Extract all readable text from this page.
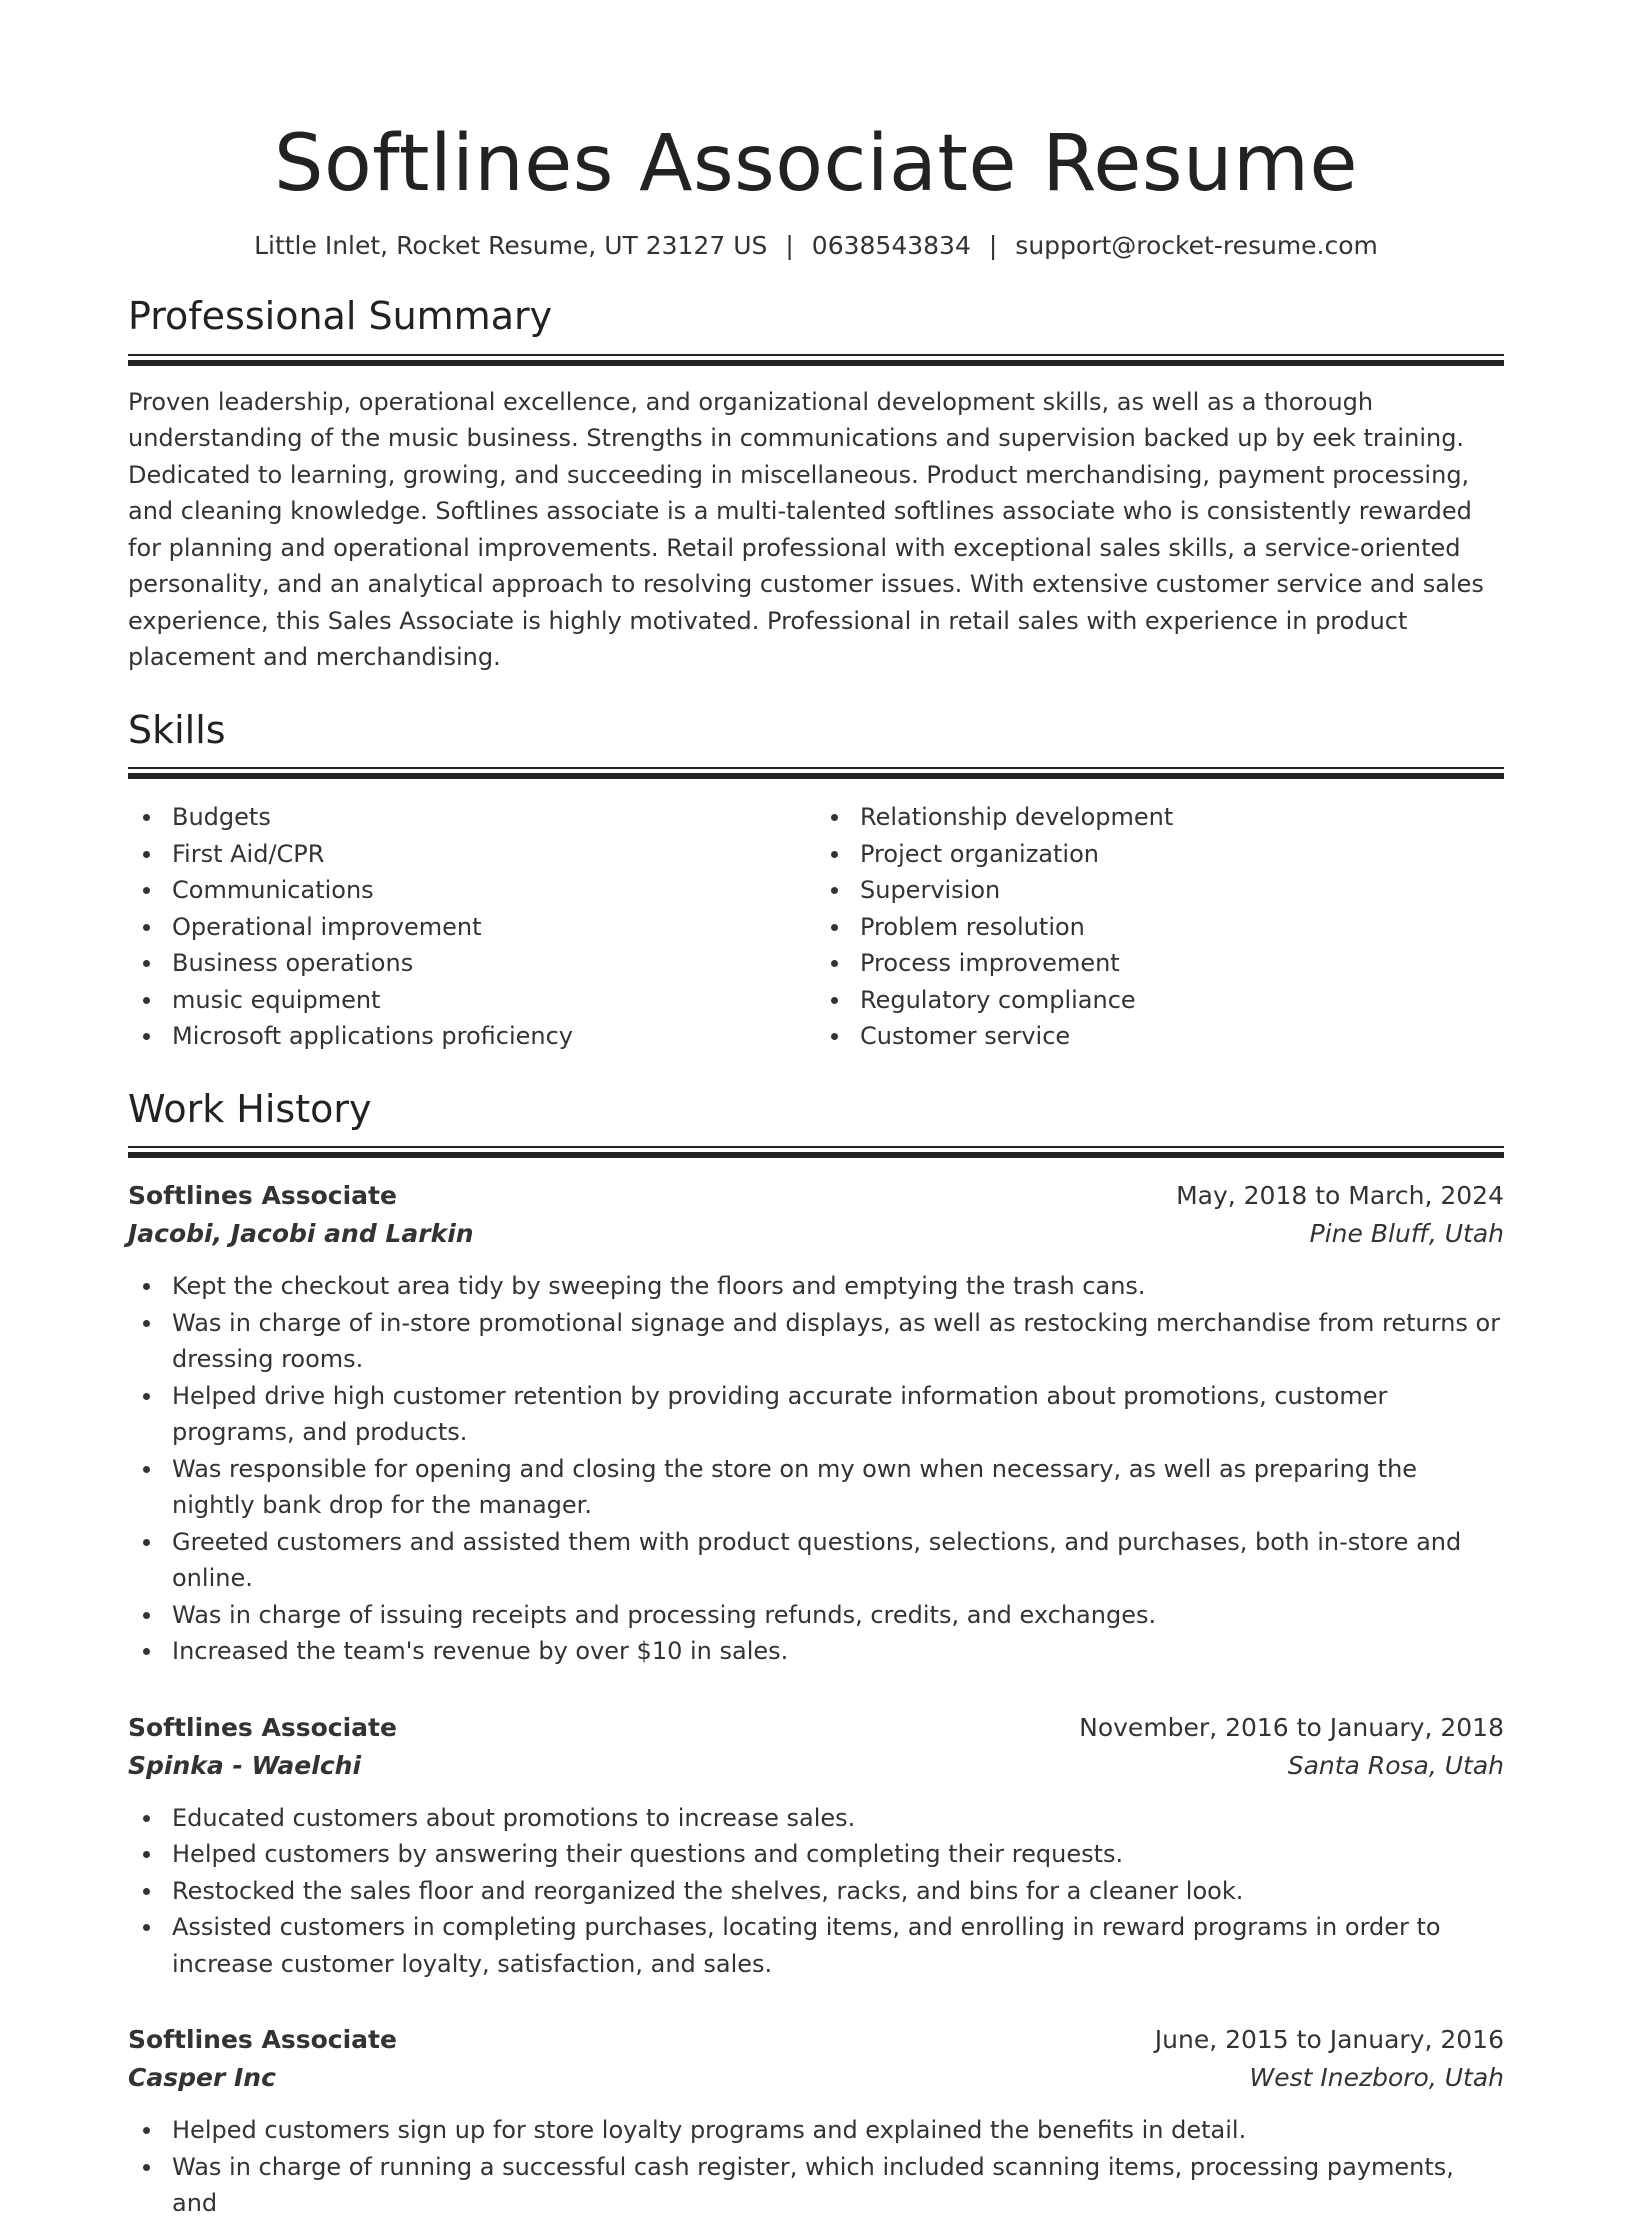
Softlines Associate Resume
Little Inlet, Rocket Resume, UT 23127 US | 0638543834 | support@rocket-resume.com
Professional Summary

Proven leadership, operational excellence, and organizational development skills, as well as a thorough understanding of the music business. Strengths in communications and supervision backed up by eek training. Dedicated to learning, growing, and succeeding in miscellaneous. Product merchandising, payment processing, and cleaning knowledge. Softlines associate is a multi-talented softlines associate who is consistently rewarded for planning and operational improvements. Retail professional with exceptional sales skills, a service-oriented personality, and an analytical approach to resolving customer issues. With extensive customer service and sales experience, this Sales Associate is highly motivated. Professional in retail sales with experience in product placement and merchandising.

Skills
Budgets
First Aid/CPR
Communications
Operational improvement
Business operations
music equipment
Microsoft applications proficiency
Relationship development
Project organization
Supervision
Problem resolution
Process improvement
Regulatory compliance
Customer service
Work History
Softlines Associate	May, 2018 to March, 2024
Jacobi, Jacobi and Larkin	Pine Bluff, Utah
Kept the checkout area tidy by sweeping the floors and emptying the trash cans.
Was in charge of in-store promotional signage and displays, as well as restocking merchandise from returns or dressing rooms.
Helped drive high customer retention by providing accurate information about promotions, customer programs, and products.
Was responsible for opening and closing the store on my own when necessary, as well as preparing the nightly bank drop for the manager.
Greeted customers and assisted them with product questions, selections, and purchases, both in-store and online.
Was in charge of issuing receipts and processing refunds, credits, and exchanges.
Increased the team's revenue by over $10 in sales.
Softlines Associate	November, 2016 to January, 2018
Spinka - Waelchi	Santa Rosa, Utah
Educated customers about promotions to increase sales.
Helped customers by answering their questions and completing their requests.
Restocked the sales floor and reorganized the shelves, racks, and bins for a cleaner look.
Assisted customers in completing purchases, locating items, and enrolling in reward programs in order to increase customer loyalty, satisfaction, and sales.
Softlines Associate	June, 2015 to January, 2016
Casper Inc	West Inezboro, Utah
Helped customers sign up for store loyalty programs and explained the benefits in detail.
Was in charge of running a successful cash register, which included scanning items, processing payments, and
